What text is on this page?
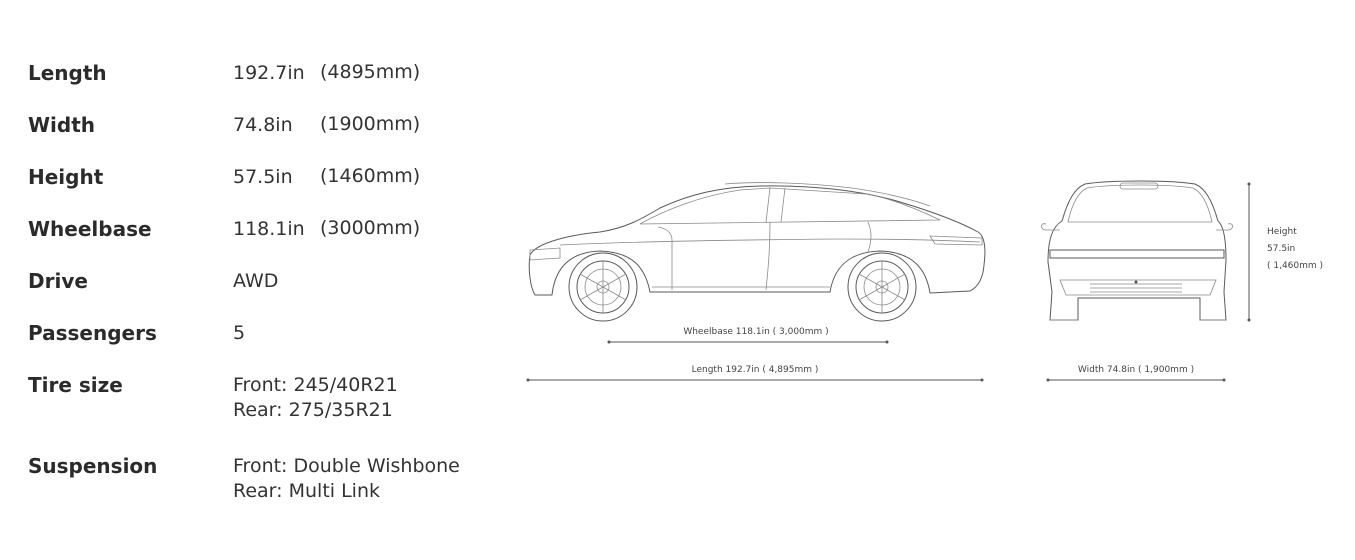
Length	192.7in (4895mm)
Width	74.8in (1900mm)
Height	57.5in (1460mm)
Wheelbase	118.1in (3000mm)
Drive	AWD
Passengers	5
Tire size	Front: 245/40R21
Rear: 275/35R21
Suspension	Front: Double Wishbone
Rear: Multi Link
Wheelbase 118.1in ( 3,000mm )
Length 192.7in ( 4,895mm )	Width 74.8in ( 1,900mm )
Height
57.5in
( 1,460mm )
